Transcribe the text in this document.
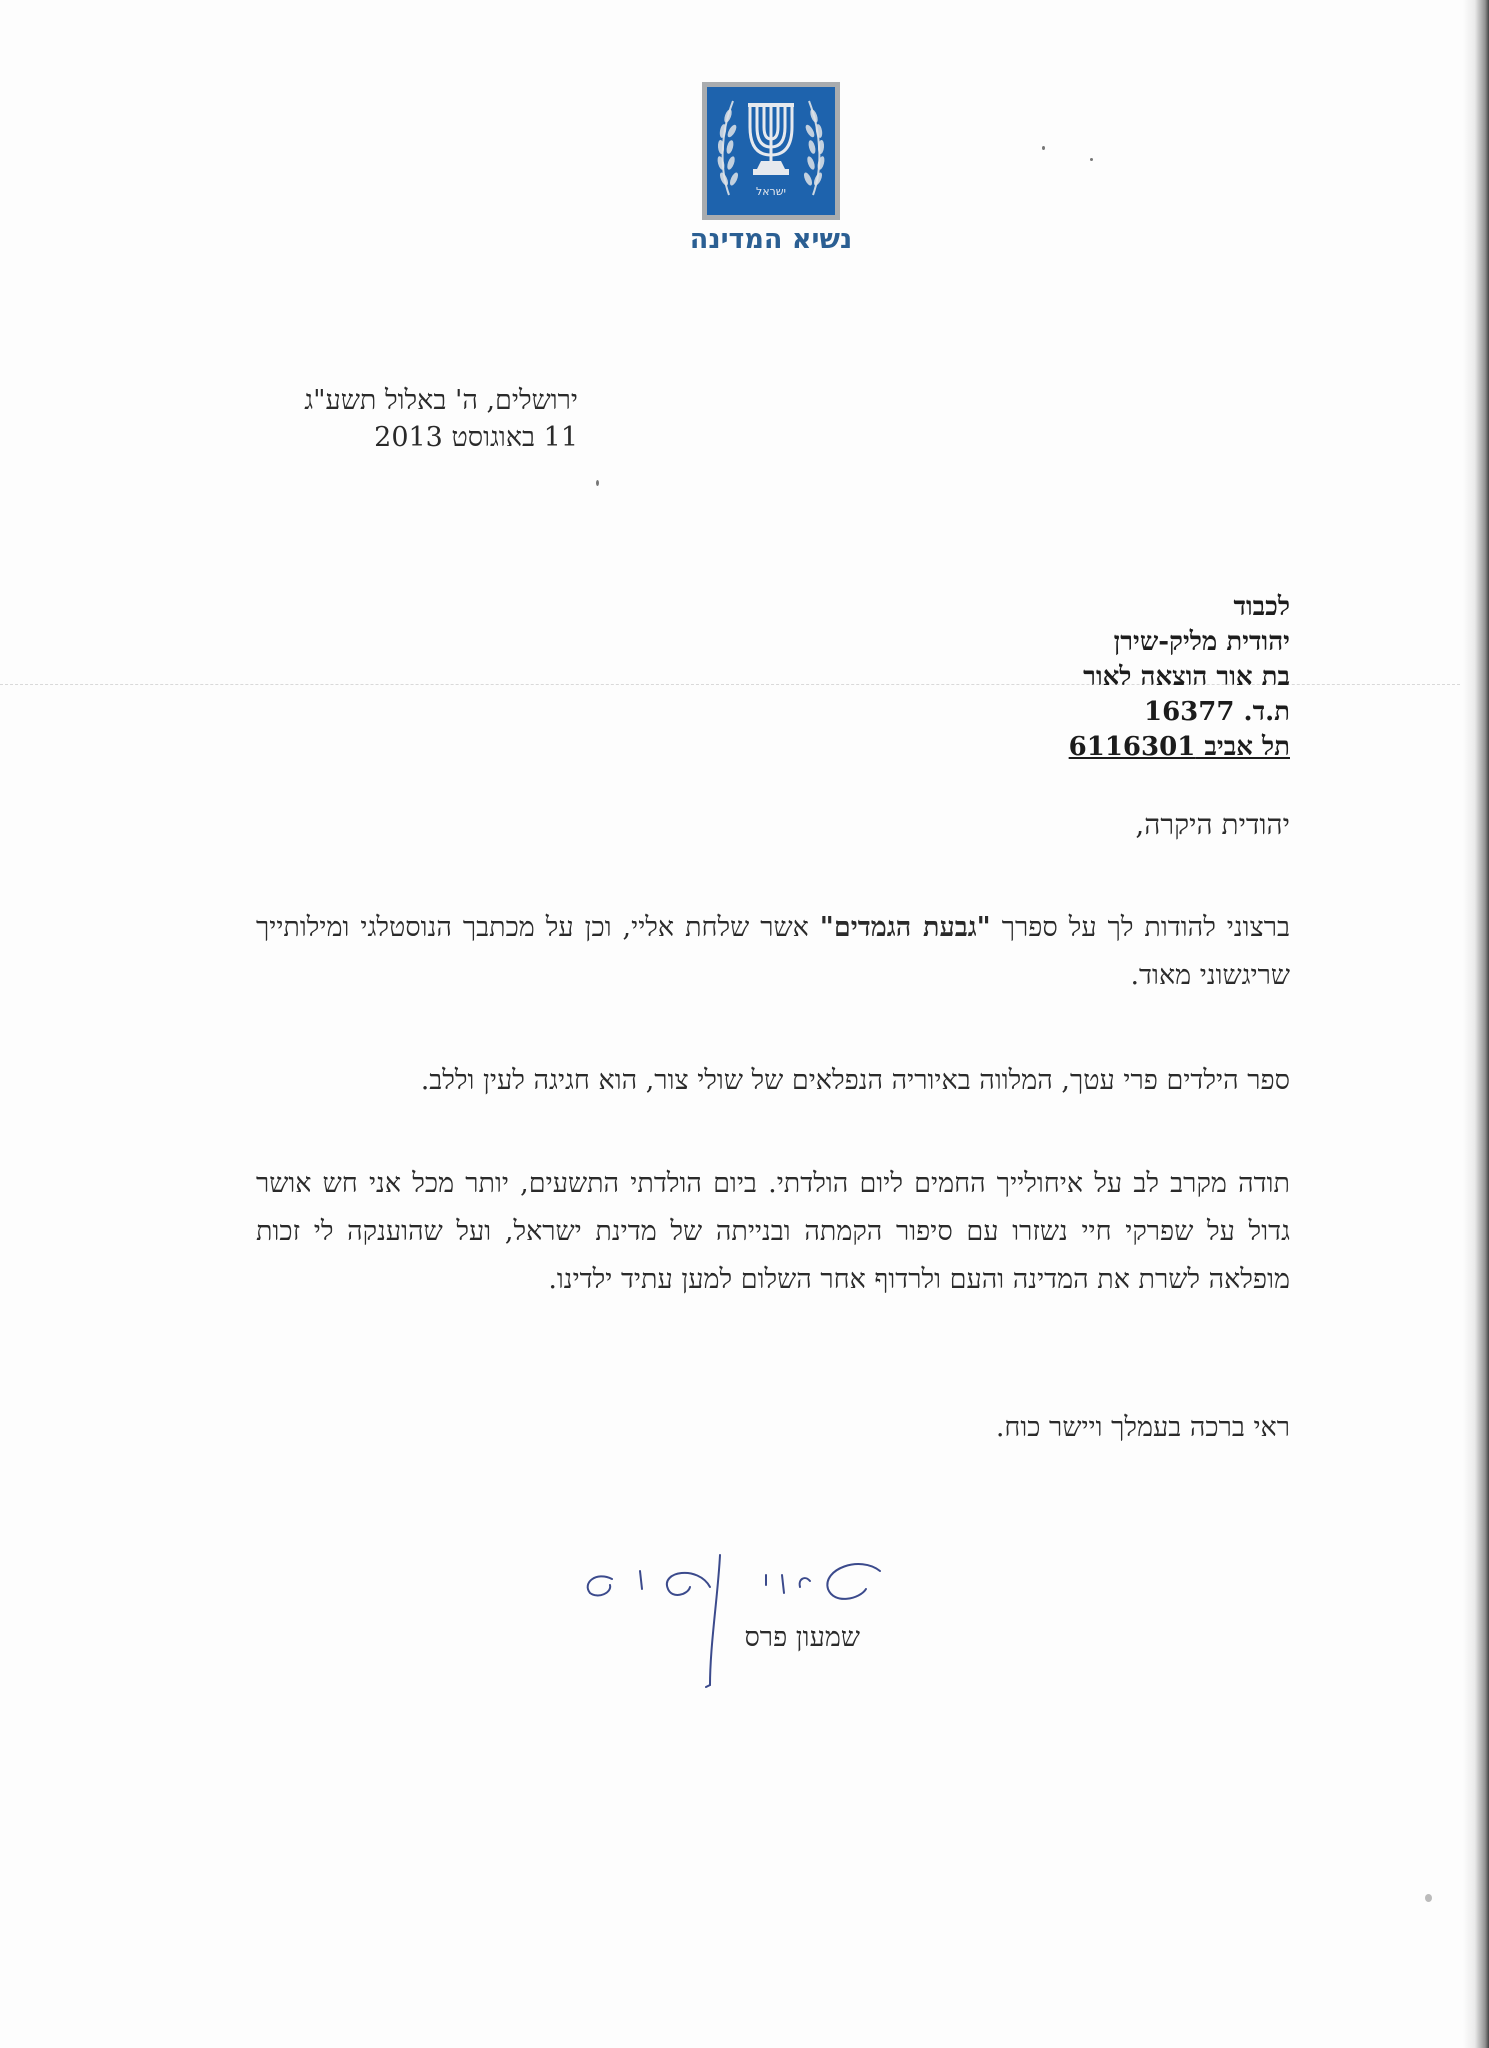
ישראל
נשיא המדינה
ירושלים, ה' באלול תשע"ג
11 באוגוסט 2013
לכבוד
יהודית מליק-שירן
בת אור הוצאה לאור
ת.ד. 16377
תל אביב 6116301
יהודית היקרה,
ברצוני להודות לך על ספרך "גבעת הגמדים" אשר שלחת אליי, וכן על מכתבך הנוסטלגי ומילותייך שריגשוני מאוד.
ספר הילדים פרי עטך, המלווה באיוריה הנפלאים של שולי צור, הוא חגיגה לעין וללב.
תודה מקרב לב על איחולייך החמים ליום הולדתי. ביום הולדתי התשעים, יותר מכל אני חש אושר גדול על שפרקי חיי נשזרו עם סיפור הקמתה ובנייתה של מדינת ישראל, ועל שהוענקה לי זכות מופלאה לשרת את המדינה והעם ולרדוף אחר השלום למען עתיד ילדינו.
ראי ברכה בעמלך ויישר כוח.
שמעון פרס
